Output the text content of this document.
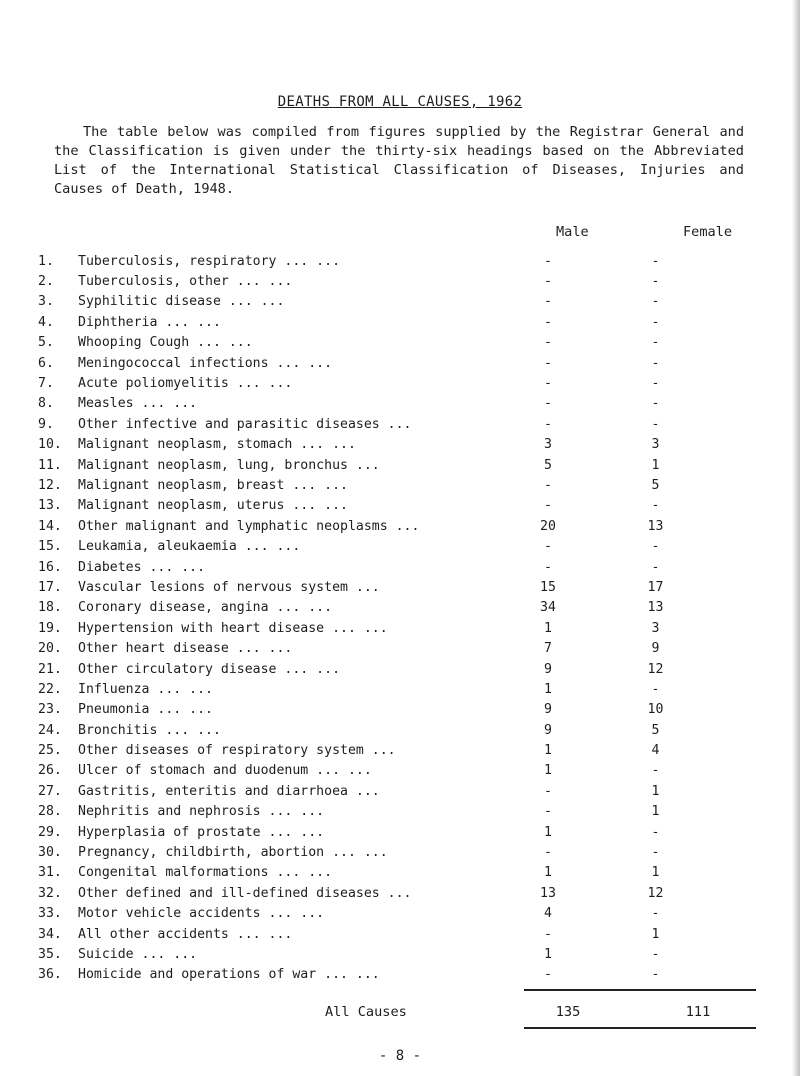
DEATHS FROM ALL CAUSES, 1962

The table below was compiled from figures supplied by the Registrar General and the Classification is given under the thirty-six headings based on the Abbreviated List of the International Statistical Classification of Diseases, Injuries and Causes of Death, 1948.

Male	Female
1.	Tuberculosis, respiratory ... ...	-	-
2.	Tuberculosis, other ... ...	-	-
3.	Syphilitic disease ... ...	-	-
4.	Diphtheria ... ...	-	-
5.	Whooping Cough ... ...	-	-
6.	Meningococcal infections ... ...	-	-
7.	Acute poliomyelitis ... ...	-	-
8.	Measles ... ...	-	-
9.	Other infective and parasitic diseases ...	-	-
10.	Malignant neoplasm, stomach ... ...	3	3
11.	Malignant neoplasm, lung, bronchus ...	5	1
12.	Malignant neoplasm, breast ... ...	-	5
13.	Malignant neoplasm, uterus ... ...	-	-
14.	Other malignant and lymphatic neoplasms ...	20	13
15.	Leukamia, aleukaemia ... ...	-	-
16.	Diabetes ... ...	-	-
17.	Vascular lesions of nervous system ...	15	17
18.	Coronary disease, angina ... ...	34	13
19.	Hypertension with heart disease ... ...	1	3
20.	Other heart disease ... ...	7	9
21.	Other circulatory disease ... ...	9	12
22.	Influenza ... ...	1	-
23.	Pneumonia ... ...	9	10
24.	Bronchitis ... ...	9	5
25.	Other diseases of respiratory system ...	1	4
26.	Ulcer of stomach and duodenum ... ...	1	-
27.	Gastritis, enteritis and diarrhoea ...	-	1
28.	Nephritis and nephrosis ... ...	-	1
29.	Hyperplasia of prostate ... ...	1	-
30.	Pregnancy, childbirth, abortion ... ...	-	-
31.	Congenital malformations ... ...	1	1
32.	Other defined and ill-defined diseases ...	13	12
33.	Motor vehicle accidents ... ...	4	-
34.	All other accidents ... ...	-	1
35.	Suicide ... ...	1	-
36.	Homicide and operations of war ... ...	-	-
All Causes	135	111
- 8 -
